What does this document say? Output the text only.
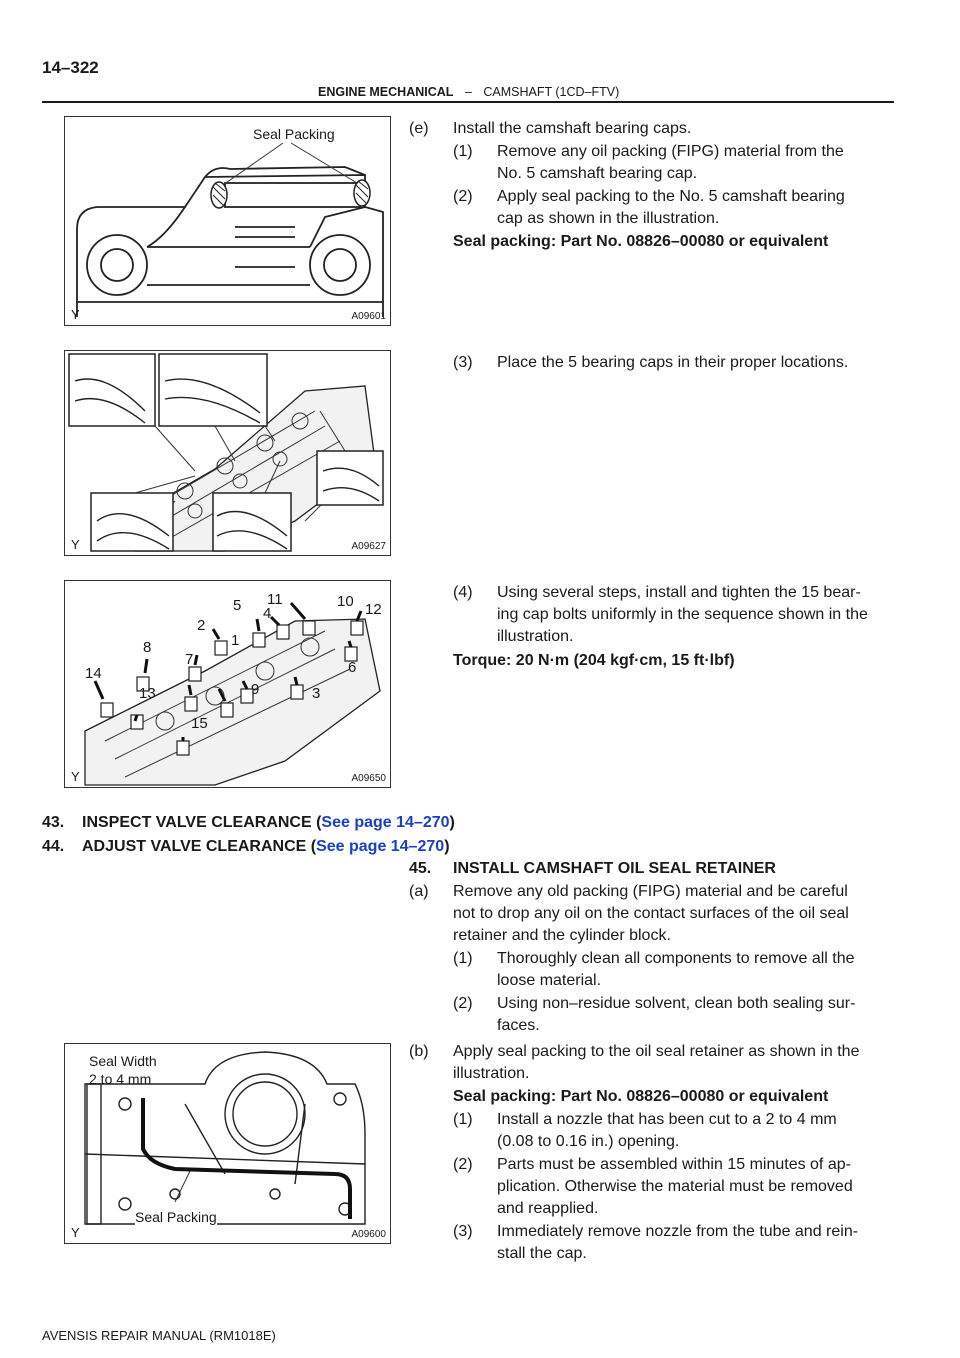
14–322
ENGINE MECHANICAL – CAMSHAFT (1CD–FTV)
Seal Packing
Y	A09601
Y	A09627
1
2
3
4
5
6
7
8
9
10
11
12
13
14
15
Y	A09650
Seal Width
2 to 4 mm
Seal Packing
Y	A09600
(e) Install the camshaft bearing caps.
(1) Remove any oil packing (FIPG) material from the
No. 5 camshaft bearing cap.
(2) Apply seal packing to the No. 5 camshaft bearing
cap as shown in the illustration.
Seal packing: Part No. 08826–00080 or equivalent
(3) Place the 5 bearing caps in their proper locations.
(4) Using several steps, install and tighten the 15 bear-
ing cap bolts uniformly in the sequence shown in the
illustration.
Torque: 20 N·m (204 kgf·cm, 15 ft·lbf)
43. INSPECT VALVE CLEARANCE (See page 14–270)
44. ADJUST VALVE CLEARANCE (See page 14–270)
45. INSTALL CAMSHAFT OIL SEAL RETAINER
(a) Remove any old packing (FIPG) material and be careful
not to drop any oil on the contact surfaces of the oil seal
retainer and the cylinder block.
(1) Thoroughly clean all components to remove all the
loose material.
(2) Using non–residue solvent, clean both sealing sur-
faces.
(b) Apply seal packing to the oil seal retainer as shown in the
illustration.
Seal packing: Part No. 08826–00080 or equivalent
(1) Install a nozzle that has been cut to a 2 to 4 mm
(0.08 to 0.16 in.) opening.
(2) Parts must be assembled within 15 minutes of ap-
plication. Otherwise the material must be removed
and reapplied.
(3) Immediately remove nozzle from the tube and rein-
stall the cap.
AVENSIS REPAIR MANUAL (RM1018E)
